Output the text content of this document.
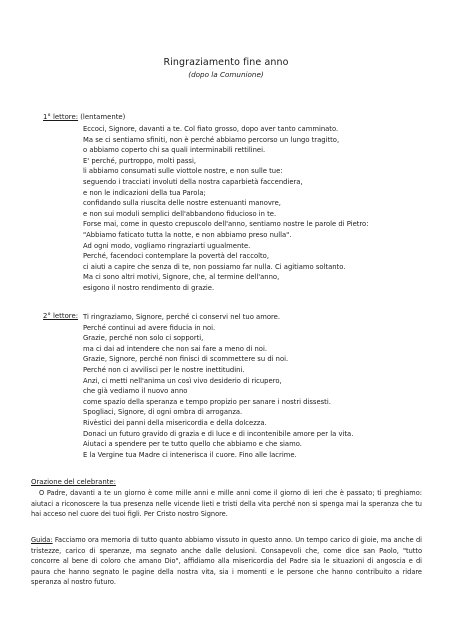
Ringraziamento fine anno
(dopo la Comunione)
1° lettore: (lentamente)
Eccoci, Signore, davanti a te. Col fiato grosso, dopo aver tanto camminato.
Ma se ci sentiamo sfiniti, non è perché abbiamo percorso un lungo tragitto,
o abbiamo coperto chi sa quali interminabili rettilinei.
E' perché, purtroppo, molti passi,
li abbiamo consumati sulle viottole nostre, e non sulle tue:
seguendo i tracciati involuti della nostra caparbietà faccendiera,
e non le indicazioni della tua Parola;
confidando sulla riuscita delle nostre estenuanti manovre,
e non sui moduli semplici dell'abbandono fiducioso in te.
Forse mai, come in questo crepuscolo dell'anno, sentiamo nostre le parole di Pietro:
"Abbiamo faticato tutta la notte, e non abbiamo preso nulla".
Ad ogni modo, vogliamo ringraziarti ugualmente.
Perché, facendoci contemplare la povertà del raccolto,
ci aiuti a capire che senza di te, non possiamo far nulla. Ci agitiamo soltanto.
Ma ci sono altri motivi, Signore, che, al termine dell'anno,
esigono il nostro rendimento di grazie.
2° lettore: Ti ringraziamo, Signore, perché ci conservi nel tuo amore.
Perché continui ad avere fiducia in noi.
Grazie, perché non solo ci sopporti,
ma ci dai ad intendere che non sai fare a meno di noi.
Grazie, Signore, perché non finisci di scommettere su di noi.
Perché non ci avvilisci per le nostre inettitudini.
Anzi, ci metti nell'anima un così vivo desiderio di ricupero,
che già vediamo il nuovo anno
come spazio della speranza e tempo propizio per sanare i nostri dissesti.
Spogliaci, Signore, di ogni ombra di arroganza.
Rivèstici dei panni della misericordia e della dolcezza.
Donaci un futuro gravido di grazia e di luce e di incontenibile amore per la vita.
Aiutaci a spendere per te tutto quello che abbiamo e che siamo.
E la Vergine tua Madre ci intenerisca il cuore. Fino alle lacrime.
Orazione del celebrante:

O Padre, davanti a te un giorno è come mille anni e mille anni come il giorno di ieri che è passato; ti preghiamo: aiutaci a riconoscere la tua presenza nelle vicende lieti e tristi della vita perché non si spenga mai la speranza che tu hai acceso nel cuore dei tuoi figli. Per Cristo nostro Signore.

Guida: Facciamo ora memoria di tutto quanto abbiamo vissuto in questo anno. Un tempo carico di gioie, ma anche di tristezze, carico di speranze, ma segnato anche dalle delusioni. Consapevoli che, come dice san Paolo, "tutto concorre al bene di coloro che amano Dio", affidiamo alla misericordia del Padre sia le situazioni di angoscia e di paura che hanno segnato le pagine della nostra vita, sia i momenti e le persone che hanno contribuito a ridare speranza al nostro futuro.
